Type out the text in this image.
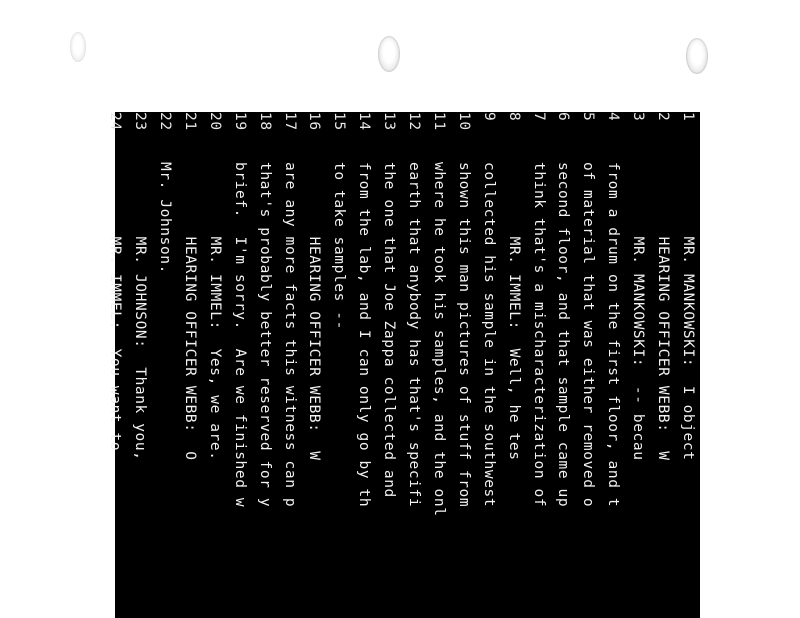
1        MR. MANKOWSKI:  I object
2        HEARING OFFICER WEBB:  W
3        MR. MANKOWSKI:  -- becau
4from a drum on the first floor, and t
5of material that was either removed o
6second floor, and that sample came up
7think that's a mischaracterization of
8        MR. IMMEL:  Well, he tes
9collected his sample in the southwest
10shown this man pictures of stuff from
11where he took his samples, and the onl
12earth that anybody has that's specifi
13the one that Joe Zappa collected and
14from the lab, and I can only go by th
15to take samples --
16        HEARING OFFICER WEBB:  W
17are any more facts this witness can p
18that's probably better reserved for y
19brief.  I'm sorry.  Are we finished w
20        MR. IMMEL:  Yes, we are.
21        HEARING OFFICER WEBB:  O
22Mr. Johnson.
23        MR. JOHNSON:  Thank you,
24        MR. IMMEL:  You want to
